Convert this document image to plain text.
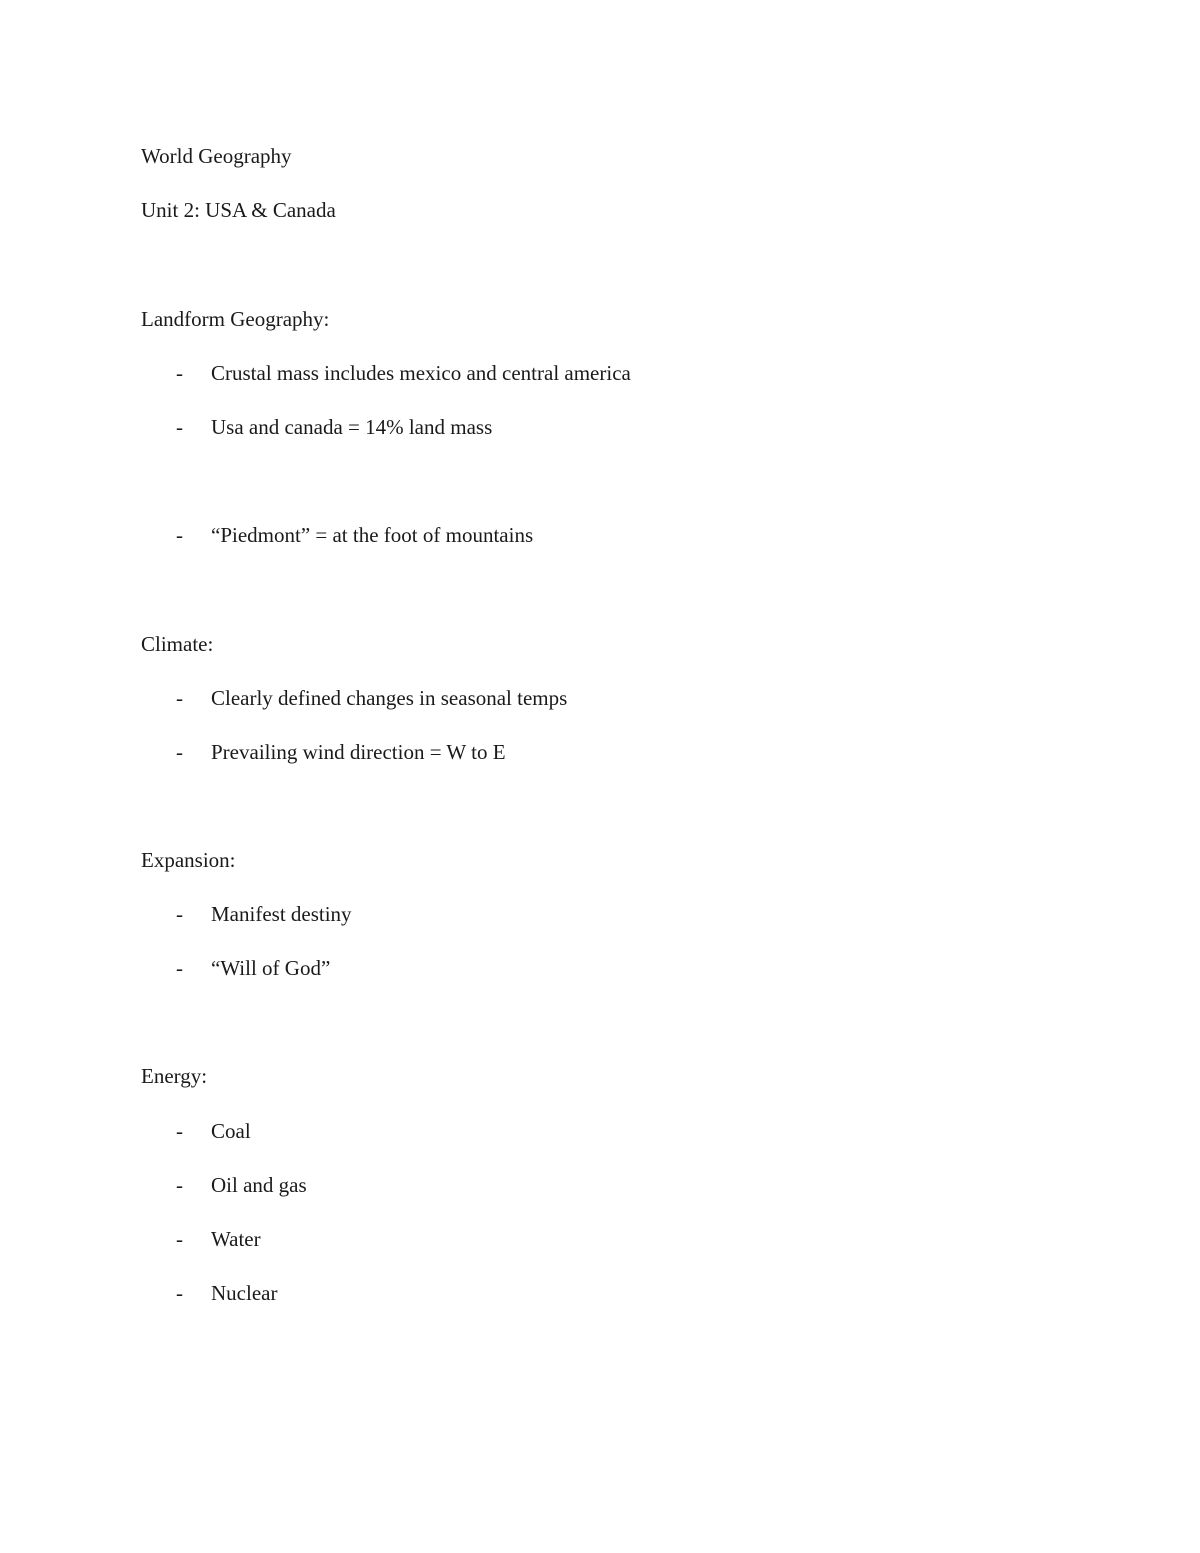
World Geography
Unit 2: USA & Canada
Landform Geography:
- Crustal mass includes mexico and central america
- Usa and canada = 14% land mass
- “Piedmont” = at the foot of mountains
Climate:
- Clearly defined changes in seasonal temps
- Prevailing wind direction = W to E
Expansion:
- Manifest destiny
- “Will of God”
Energy:
- Coal
- Oil and gas
- Water
- Nuclear
